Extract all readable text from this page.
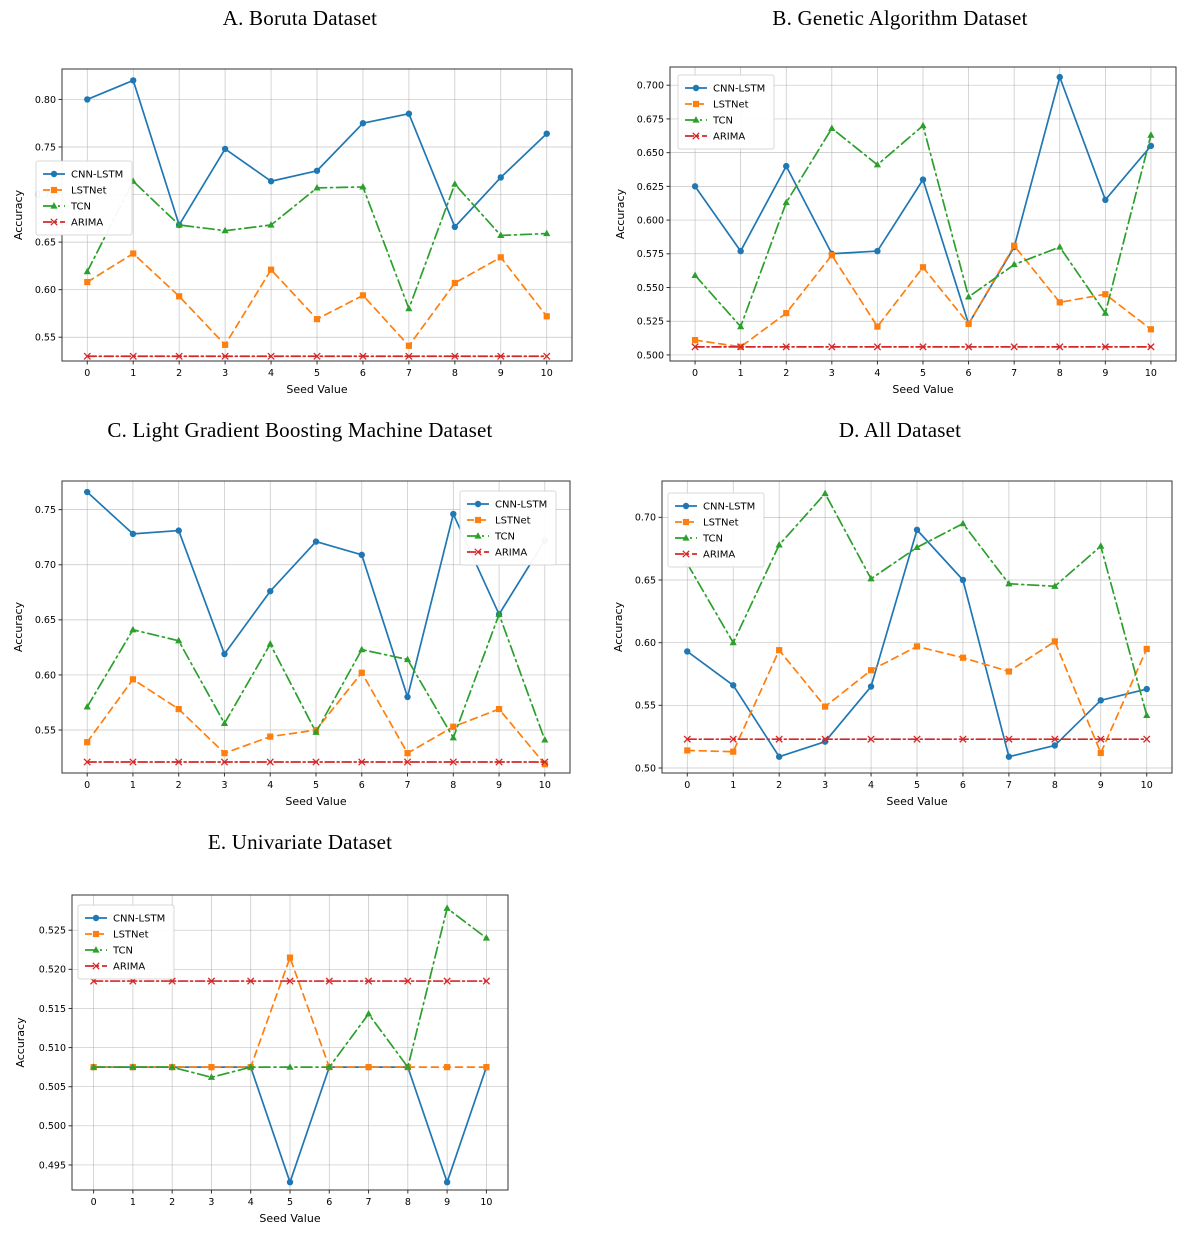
A. Boruta Dataset
0	1	2	3	4	5	6	7	8	9	10
0.55
0.60
0.65
0.75
0.80
Seed Value
Accuracy
CNN-LSTM
LSTNet
TCN
ARIMA
B. Genetic Algorithm Dataset
0	1	2	3	4	5	6	7	8	9	10
0.500
0.525
0.550
0.575
0.600
0.625
0.650
0.675
0.700
Seed Value
Accuracy
CNN-LSTM
LSTNet
TCN
ARIMA
C. Light Gradient Boosting Machine Dataset
0	1	2	3	4	5	6	7	8	9	10
0.55
0.60
0.65
0.70
0.75
Seed Value
Accuracy
CNN-LSTM
LSTNet
TCN
ARIMA
D. All Dataset
0	1	2	3	4	5	6	7	8	9	10
0.50
0.55
0.60
0.65
0.70
Seed Value
Accuracy
CNN-LSTM
LSTNet
TCN
ARIMA
E. Univariate Dataset
0	1	2	3	4	5	6	7	8	9	10
0.495
0.500
0.505
0.510
0.515
0.520
0.525
Seed Value
Accuracy
CNN-LSTM
LSTNet
TCN
ARIMA
